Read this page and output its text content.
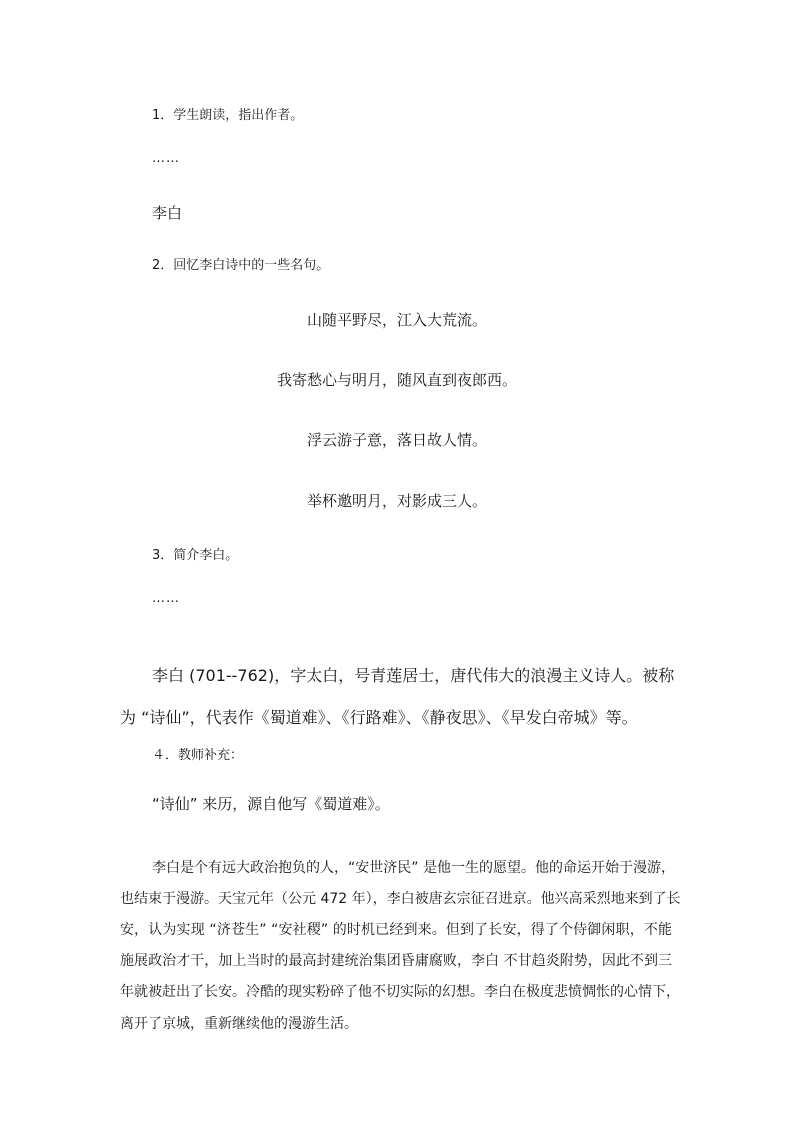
1．学生朗读，指出作者。

……

李白

2．回忆李白诗中的一些名句。

山随平野尽，江入大荒流。

我寄愁心与明月，随风直到夜郎西。

浮云游子意，落日故人情。

举杯邀明月，对影成三人。

3．简介李白。

……

李白 (701--762)，字太白，号青莲居士，唐代伟大的浪漫主义诗人。被称

为 “诗仙”，代表作《蜀道难》、《行路难》、《静夜思》、《早发白帝城》等。

４．教师补充：

“诗仙” 来历，源自他写《蜀道难》。

李白是个有远大政治抱负的人，“安世济民” 是他一生的愿望。他的命运开始于漫游，

也结束于漫游。天宝元年（公元 472 年），李白被唐玄宗征召进京。他兴高采烈地来到了长

安，认为实现 “济苍生” “安社稷” 的时机已经到来。但到了长安，得了个侍御闲职，不能

施展政治才干，加上当时的最高封建统治集团昏庸腐败，李白 不甘趋炎附势，因此不到三

年就被赶出了长安。冷酷的现实粉碎了他不切实际的幻想。李白在极度悲愤惆怅的心情下，

离开了京城，重新继续他的漫游生活。
